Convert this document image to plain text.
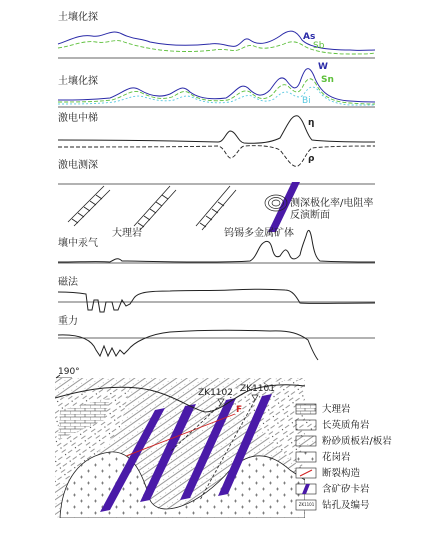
土壤化探
As
Sb
土壤化探
W
Sn
Bi
激电中梯	η
ρ
激电测深
大理岩	钨锡多金属矿体
测深极化率/电阻率
反演断面
壤中汞气
磁法
重力
190°
ZK1102 ZK1101
F	大理岩
长英质角岩
粉砂质板岩/板岩
花岗岩
断裂构造
含矿矽卡岩
钻孔及编号
ZK1101
